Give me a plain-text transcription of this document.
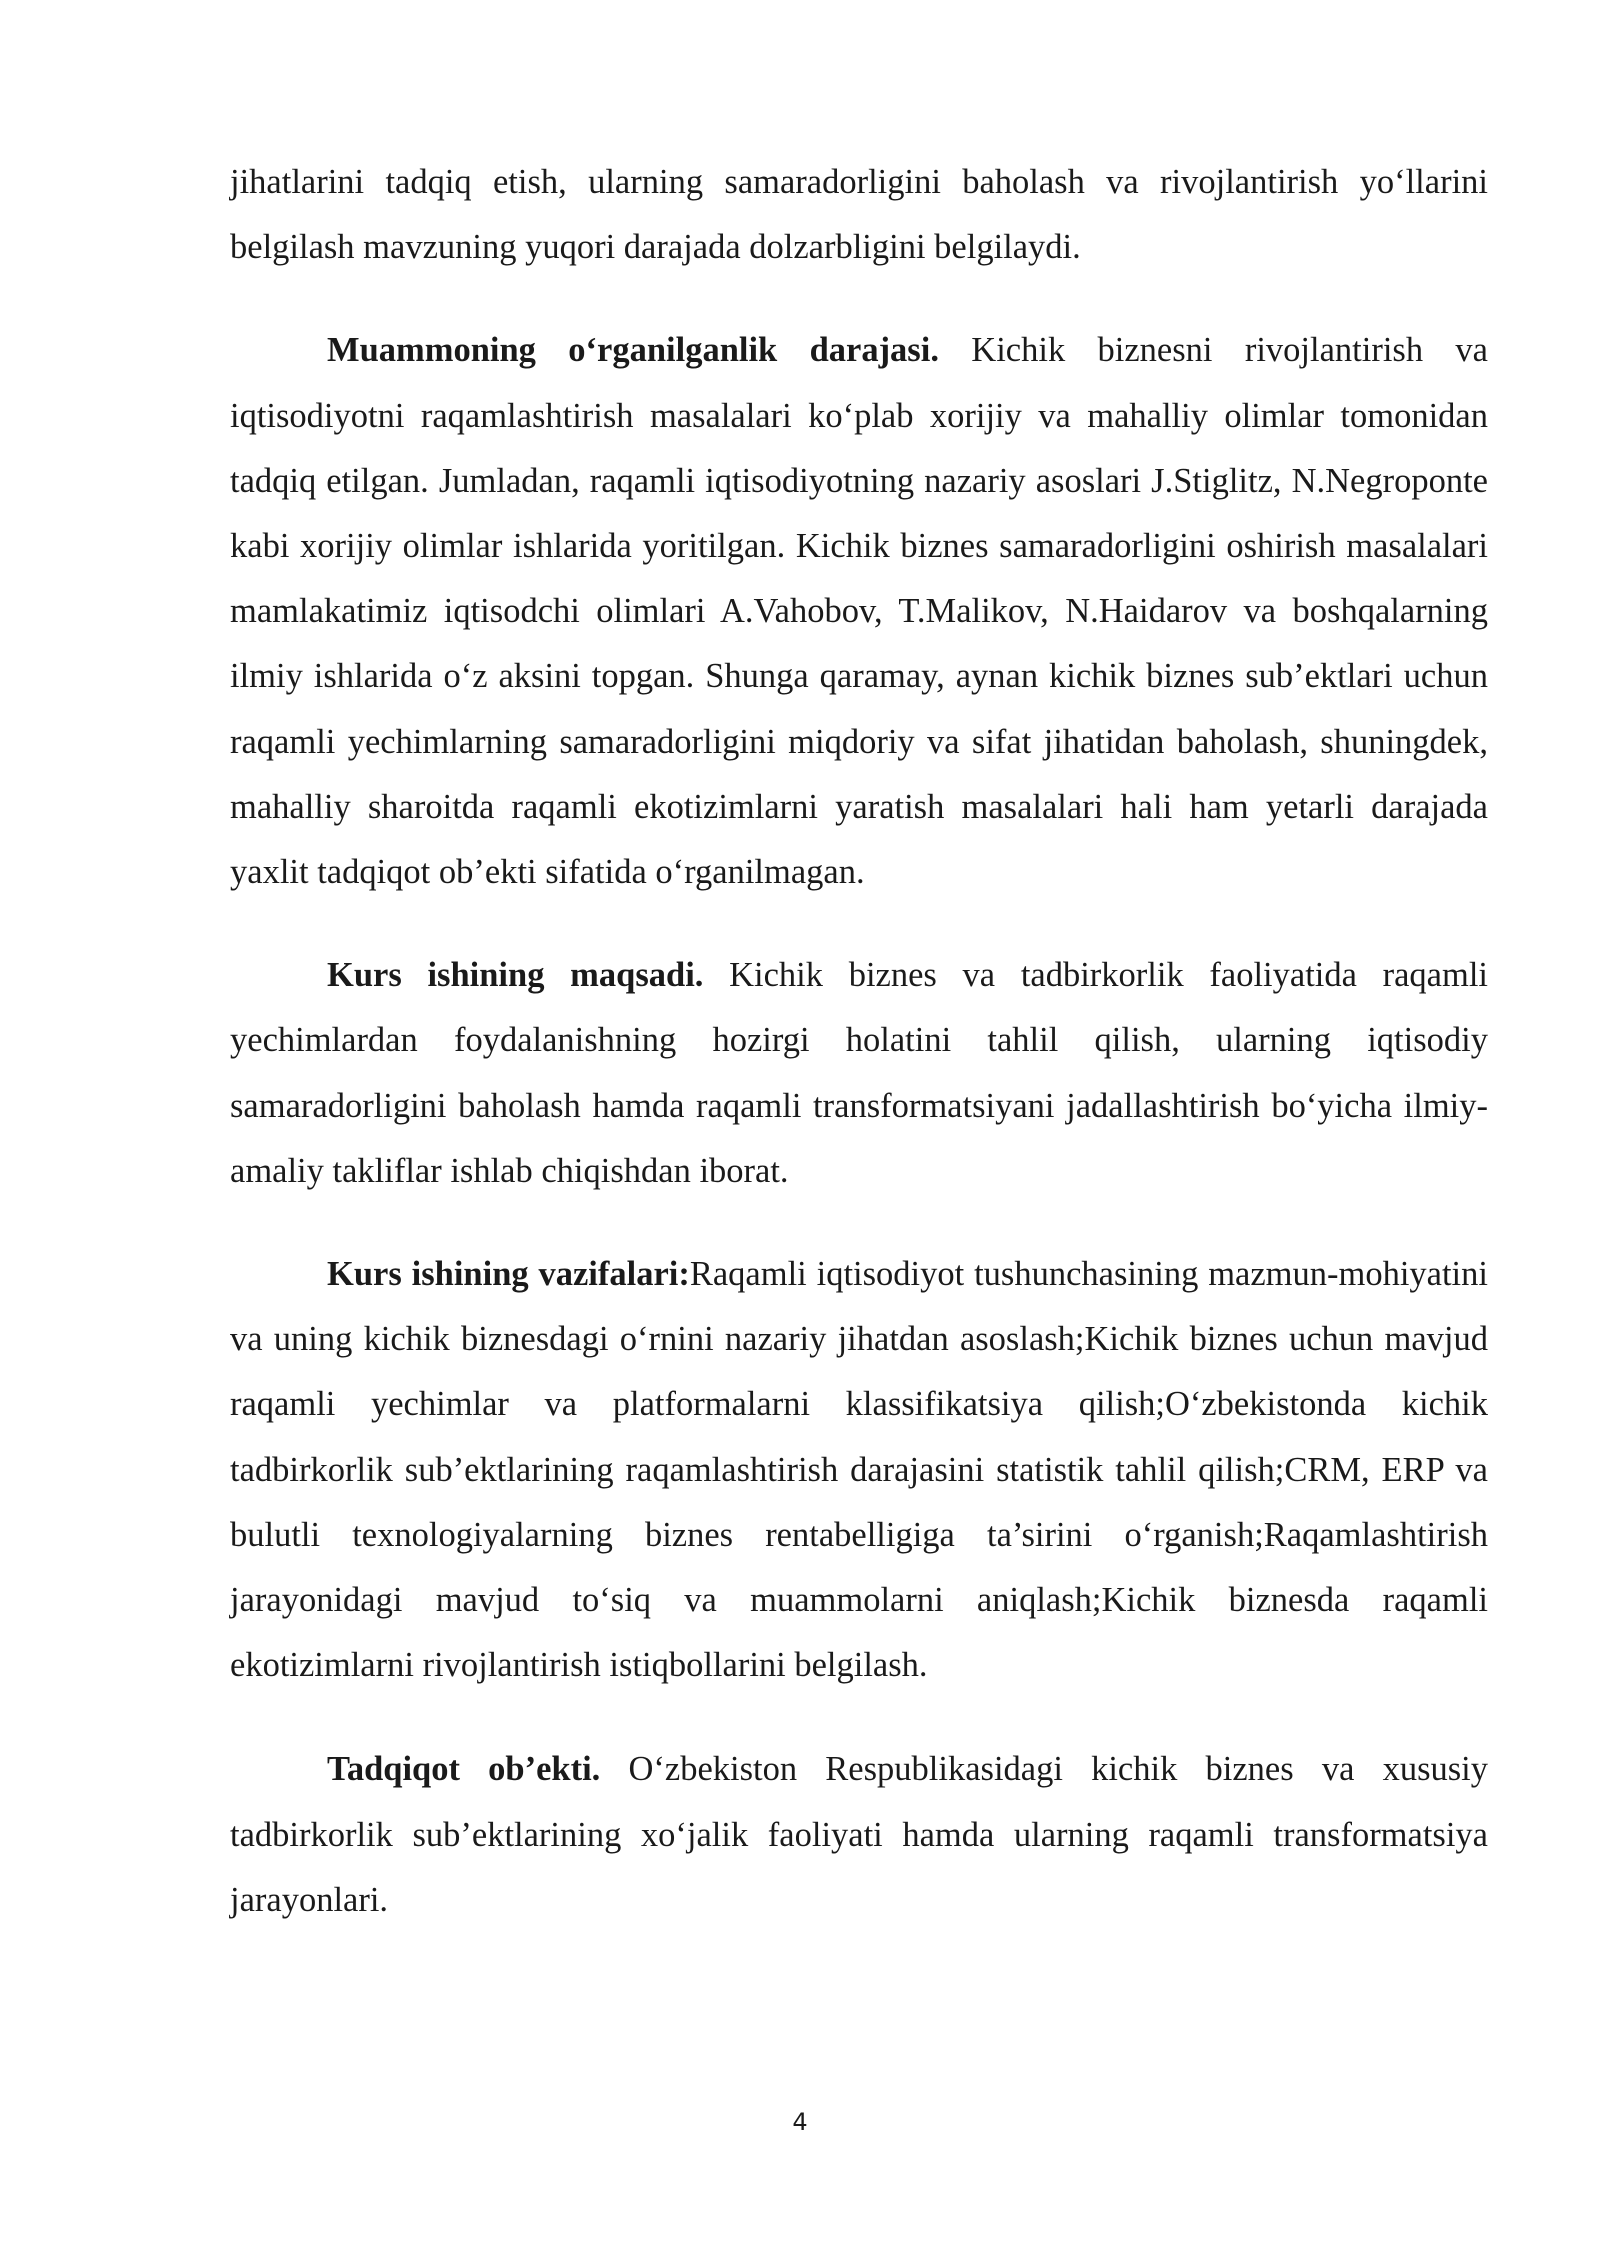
jihatlarini tadqiq etish, ularning samaradorligini baholash va rivojlantirish yo‘llarini belgilash mavzuning yuqori darajada dolzarbligini belgilaydi.

Muammoning o‘rganilganlik darajasi. Kichik biznesni rivojlantirish va iqtisodiyotni raqamlashtirish masalalari ko‘plab xorijiy va mahalliy olimlar tomonidan tadqiq etilgan. Jumladan, raqamli iqtisodiyotning nazariy asoslari J.Stiglitz, N.Negroponte kabi xorijiy olimlar ishlarida yoritilgan. Kichik biznes samaradorligini oshirish masalalari mamlakatimiz iqtisodchi olimlari A.Vahobov, T.Malikov, N.Haidarov va boshqalarning ilmiy ishlarida o‘z aksini topgan. Shunga qaramay, aynan kichik biznes sub’ektlari uchun raqamli yechimlarning samaradorligini miqdoriy va sifat jihatidan baholash, shuningdek, mahalliy sharoitda raqamli ekotizimlarni yaratish masalalari hali ham yetarli darajada yaxlit tadqiqot ob’ekti sifatida o‘rganilmagan.

Kurs ishining maqsadi. Kichik biznes va tadbirkorlik faoliyatida raqamli yechimlardan foydalanishning hozirgi holatini tahlil qilish, ularning iqtisodiy samaradorligini baholash hamda raqamli transformatsiyani jadallashtirish bo‘yicha ilmiy-amaliy takliflar ishlab chiqishdan iborat.

Kurs ishining vazifalari:Raqamli iqtisodiyot tushunchasining mazmun-mohiyatini va uning kichik biznesdagi o‘rnini nazariy jihatdan asoslash;Kichik biznes uchun mavjud raqamli yechimlar va platformalarni klassifikatsiya qilish;O‘zbekistonda kichik tadbirkorlik sub’ektlarining raqamlashtirish darajasini statistik tahlil qilish;CRM, ERP va bulutli texnologiyalarning biznes rentabelligiga ta’sirini o‘rganish;Raqamlashtirish jarayonidagi mavjud to‘siq va muammolarni aniqlash;Kichik biznesda raqamli ekotizimlarni rivojlantirish istiqbollarini belgilash.

Tadqiqot ob’ekti. O‘zbekiston Respublikasidagi kichik biznes va xususiy tadbirkorlik sub’ektlarining xo‘jalik faoliyati hamda ularning raqamli transformatsiya jarayonlari.

4
